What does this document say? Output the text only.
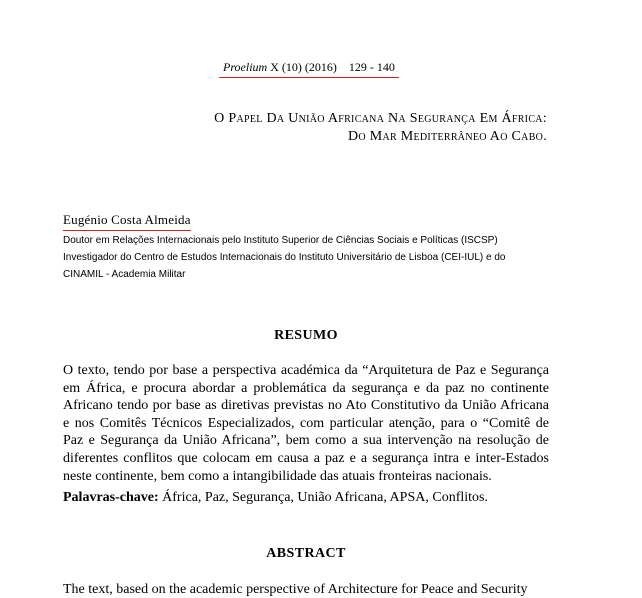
Proelium X (10) (2016) 129 - 140
O Papel Da União Africana Na Segurança Em África:
Do Mar Mediterrâneo Ao Cabo.
Eugénio Costa Almeida
Doutor em Relações Internacionais pelo Instituto Superior de Ciências Sociais e Políticas (ISCSP)
Investigador do Centro de Estudos Internacionais do Instituto Universitário de Lisboa (CEI-IUL) e do
CINAMIL - Academia Militar
RESUMO
O texto, tendo por base a perspectiva académica da “Arquitetura de Paz e Segurança
em África, e procura abordar a problemática da segurança e da paz no continente
Africano tendo por base as diretivas previstas no Ato Constitutivo da União Africana
e nos Comitês Técnicos Especializados, com particular atenção, para o “Comitê de
Paz e Segurança da União Africana”, bem como a sua intervenção na resolução de
diferentes conflitos que colocam em causa a paz e a segurança intra e inter-Estados
neste continente, bem como a intangibilidade das atuais fronteiras nacionais.
Palavras-chave: África, Paz, Segurança, União Africana, APSA, Conflitos.
ABSTRACT
The text, based on the academic perspective of Architecture for Peace and Security
